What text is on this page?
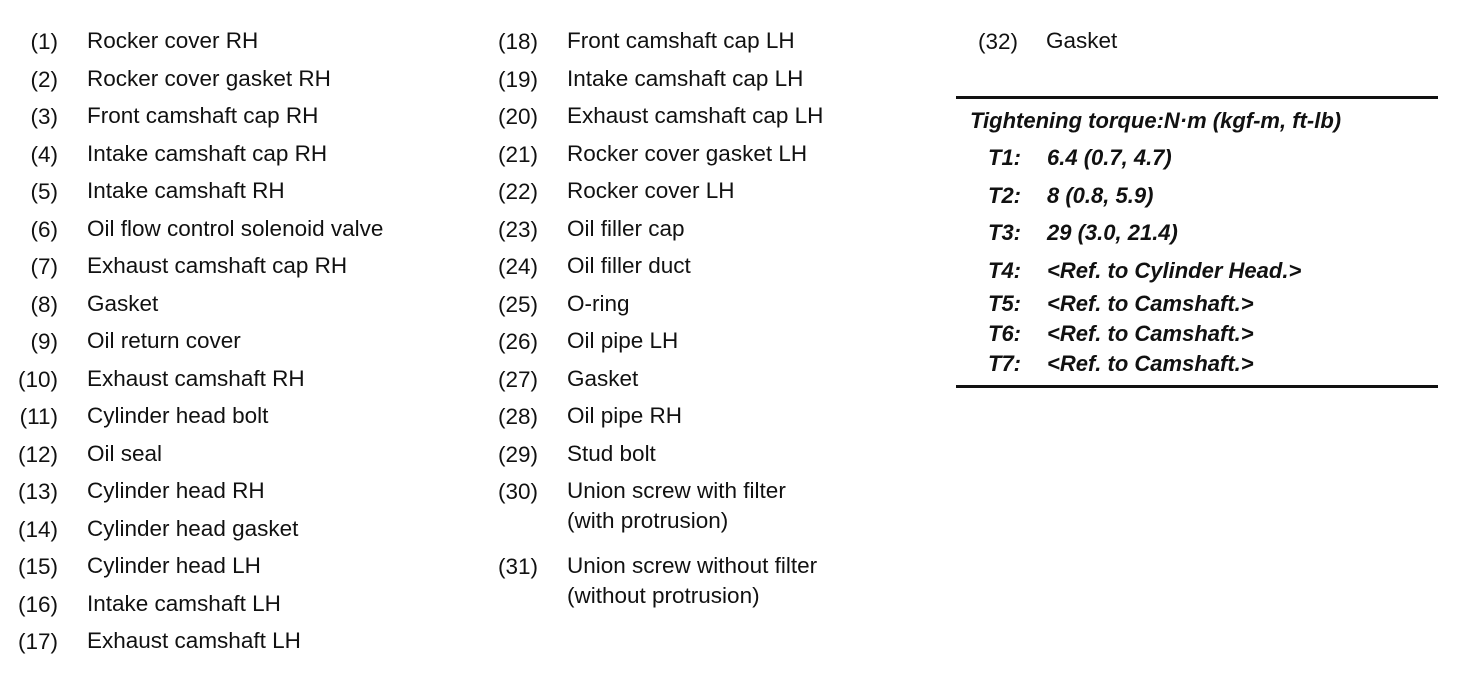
(1) Rocker cover RH
(2) Rocker cover gasket RH
(3) Front camshaft cap RH
(4) Intake camshaft cap RH
(5) Intake camshaft RH
(6) Oil flow control solenoid valve
(7) Exhaust camshaft cap RH
(8) Gasket
(9) Oil return cover
(10) Exhaust camshaft RH
(11) Cylinder head bolt
(12) Oil seal
(13) Cylinder head RH
(14) Cylinder head gasket
(15) Cylinder head LH
(16) Intake camshaft LH
(17) Exhaust camshaft LH
(18) Front camshaft cap LH
(19) Intake camshaft cap LH
(20) Exhaust camshaft cap LH
(21) Rocker cover gasket LH
(22) Rocker cover LH
(23) Oil filler cap
(24) Oil filler duct
(25) O-ring
(26) Oil pipe LH
(27) Gasket
(28) Oil pipe RH
(29) Stud bolt
(30) Union screw with filter
(with protrusion)
(31) Union screw without filter
(without protrusion)
(32) Gasket
Tightening torque:N·m (kgf-m, ft-lb)
T1: 6.4 (0.7, 4.7)
T2: 8 (0.8, 5.9)
T3: 29 (3.0, 21.4)
T4: <Ref. to Cylinder Head.>
T5: <Ref. to Camshaft.>
T6: <Ref. to Camshaft.>
T7: <Ref. to Camshaft.>
